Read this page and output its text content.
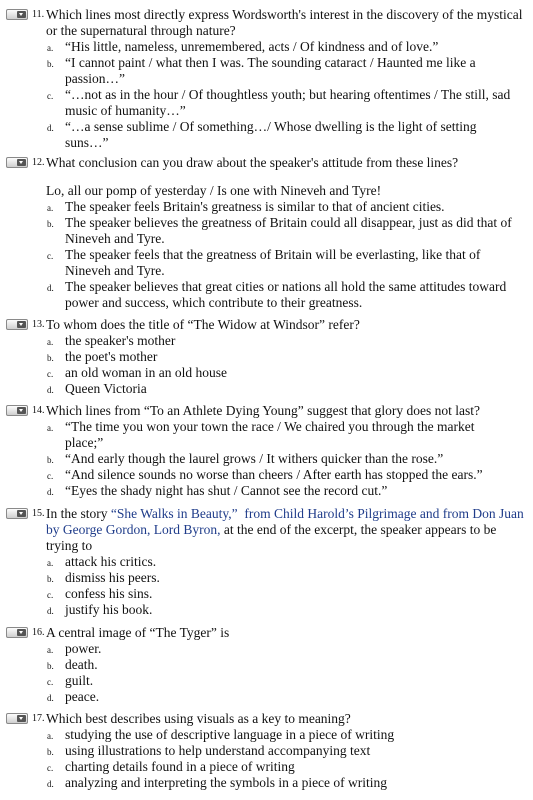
11. Which lines most directly express Wordsworth's interest in the discovery of the mystical or the supernatural through nature?
a. “His little, nameless, unremembered, acts / Of kindness and of love.”
b. “I cannot paint / what then I was. The sounding cataract / Haunted me like a passion…”
c. “…not as in the hour / Of thoughtless youth; but hearing oftentimes / The still, sad music of humanity…”
d. “…a sense sublime / Of something…/ Whose dwelling is the light of setting suns…”
12. What conclusion can you draw about the speaker's attitude from these lines?
Lo, all our pomp of yesterday / Is one with Nineveh and Tyre!
a. The speaker feels Britain's greatness is similar to that of ancient cities.
b. The speaker believes the greatness of Britain could all disappear, just as did that of Nineveh and Tyre.
c. The speaker feels that the greatness of Britain will be everlasting, like that of Nineveh and Tyre.
d. The speaker believes that great cities or nations all hold the same attitudes toward power and success, which contribute to their greatness.
13. To whom does the title of “The Widow at Windsor” refer?
a. the speaker's mother
b. the poet's mother
c. an old woman in an old house
d. Queen Victoria
14. Which lines from “To an Athlete Dying Young” suggest that glory does not last?
a. “The time you won your town the race / We chaired you through the market place;”
b. “And early though the laurel grows / It withers quicker than the rose.”
c. “And silence sounds no worse than cheers / After earth has stopped the ears.”
d. “Eyes the shady night has shut / Cannot see the record cut.”
15. In the story “She Walks in Beauty,” from Child Harold’s Pilgrimage and from Don Juan by George Gordon, Lord Byron, at the end of the excerpt, the speaker appears to be trying to
a. attack his critics.
b. dismiss his peers.
c. confess his sins.
d. justify his book.
16. A central image of “The Tyger” is
a. power.
b. death.
c. guilt.
d. peace.
17. Which best describes using visuals as a key to meaning?
a. studying the use of descriptive language in a piece of writing
b. using illustrations to help understand accompanying text
c. charting details found in a piece of writing
d. analyzing and interpreting the symbols in a piece of writing
